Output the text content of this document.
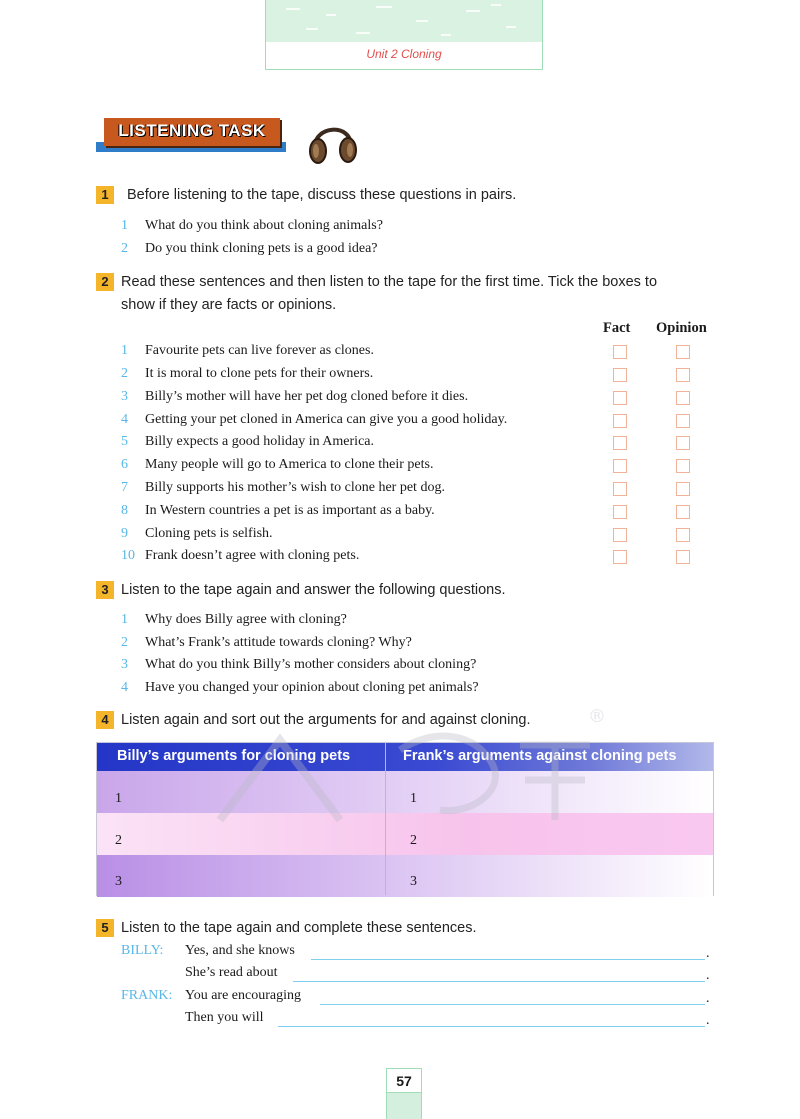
Unit 2 Cloning
LISTENING TASK
1	Before listening to the tape, discuss these questions in pairs.
1 What do you think about cloning animals?
2 Do you think cloning pets is a good idea?
2 Read these sentences and then listen to the tape for the first time. Tick the boxes to
show if they are facts or opinions.
Fact Opinion
1 Favourite pets can live forever as clones.
2 It is moral to clone pets for their owners.
3 Billy’s mother will have her pet dog cloned before it dies.
4 Getting your pet cloned in America can give you a good holiday.
5 Billy expects a good holiday in America.
6 Many people will go to America to clone their pets.
7 Billy supports his mother’s wish to clone her pet dog.
8 In Western countries a pet is as important as a baby.
9 Cloning pets is selfish.
10 Frank doesn’t agree with cloning pets.
3 Listen to the tape again and answer the following questions.
1 Why does Billy agree with cloning?
2 What’s Frank’s attitude towards cloning? Why?
3 What do you think Billy’s mother considers about cloning?
4 Have you changed your opinion about cloning pet animals?
4 Listen again and sort out the arguments for and against cloning.
Billy’s arguments for cloning pets	Frank’s arguments against cloning pets
1	1
2	2
3	3
®
5 Listen to the tape again and complete these sentences.
BILLY: Yes, and she knows	.
She’s read about	.
FRANK: You are encouraging	.
Then you will	.
57
